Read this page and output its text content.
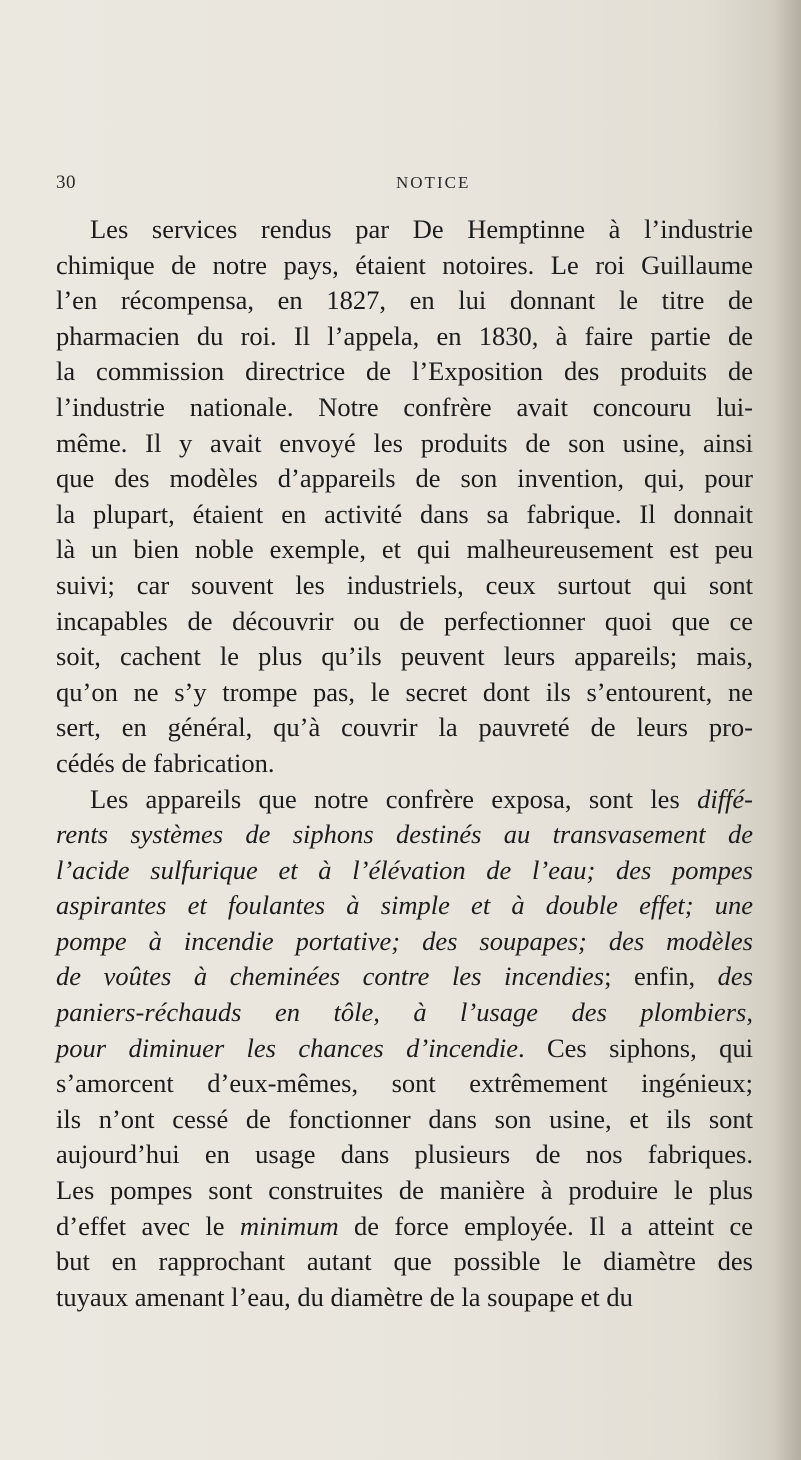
30	NOTICE
Les services rendus par De Hemptinne à l’industrie
chimique de notre pays, étaient notoires. Le roi Guillaume
l’en récompensa, en 1827, en lui donnant le titre de
pharmacien du roi. Il l’appela, en 1830, à faire partie de
la commission directrice de l’Exposition des produits de
l’industrie nationale. Notre confrère avait concouru lui-
même. Il y avait envoyé les produits de son usine, ainsi
que des modèles d’appareils de son invention, qui, pour
la plupart, étaient en activité dans sa fabrique. Il donnait
là un bien noble exemple, et qui malheureusement est peu
suivi; car souvent les industriels, ceux surtout qui sont
incapables de découvrir ou de perfectionner quoi que ce
soit, cachent le plus qu’ils peuvent leurs appareils; mais,
qu’on ne s’y trompe pas, le secret dont ils s’entourent, ne
sert, en général, qu’à couvrir la pauvreté de leurs pro-
cédés de fabrication.
Les appareils que notre confrère exposa, sont les diffé-
rents systèmes de siphons destinés au transvasement de
l’acide sulfurique et à l’élévation de l’eau; des pompes
aspirantes et foulantes à simple et à double effet; une
pompe à incendie portative; des soupapes; des modèles
de voûtes à cheminées contre les incendies; enfin, des
paniers-réchauds en tôle, à l’usage des plombiers,
pour diminuer les chances d’incendie. Ces siphons, qui
s’amorcent d’eux-mêmes, sont extrêmement ingénieux;
ils n’ont cessé de fonctionner dans son usine, et ils sont
aujourd’hui en usage dans plusieurs de nos fabriques.
Les pompes sont construites de manière à produire le plus
d’effet avec le minimum de force employée. Il a atteint ce
but en rapprochant autant que possible le diamètre des
tuyaux amenant l’eau, du diamètre de la soupape et du
